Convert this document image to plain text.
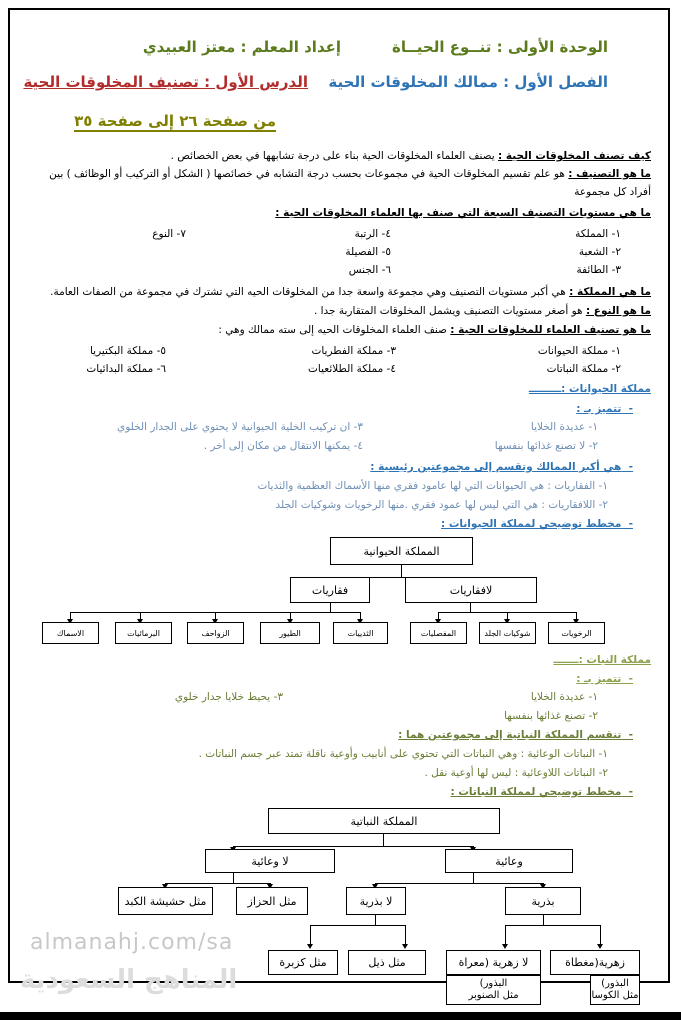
الوحدة الأولى : تنــوع الحيــاة
إعداد المعلم : معتز العبيدي
الفصل الأول : ممالك المخلوقات الحية
الدرس الأول : تصنيف المخلوقات الحية
من صفحة ٢٦ إلى صفحة ٣٥
كيف تصنف المخلوقات الحية : يصنف العلماء المخلوقات الحية بناء على درجة تشابهها في بعض الخصائص .
ما هو التصنيف : هو علم تقسيم المخلوقات الحية في مجموعات بحسب درجة التشابه في خصائصها ( الشكل أو التركيب أو الوظائف ) بين
أفراد كل مجموعة
ما هي مستويات التصنيف السبعة التي صنف بها العلماء المخلوقات الحية :
١- المملكة
٢- الشعبة
٣- الطائفة
٤- الرتبة
٥- الفصيلة
٦- الجنس
٧- النوع
ما هي المملكة : هي أكبر مستويات التصنيف وهي مجموعة واسعة جدا من المخلوقات الحيه التي تشترك في مجموعة من الصفات العامة.
ما هو النوع : هو أصغر مستويات التصنيف ويشمل المخلوقات المتقاربة جدا .
ما هو تصنيف العلماء للمخلوقات الحية : صنف العلماء المخلوقات الحيه إلى سته ممالك وهي :
١- مملكة الحيوانات
٢- مملكة النباتات
٣- مملكة الفطريات
٤- مملكة الطلائعيات
٥- مملكة البكتيريا
٦- مملكة البدائيات
مملكة الحيوانات :ـــــــــ
-  تتميز بـ :
١- عديدة الخلايا
٢- لا تصنع غذائها بنفسها
٣- ان تركيب الخلية الحيوانية لا يحتوي على الجدار الخلوي
٤- يمكنها الانتقال من مكان إلى أخر .
-  هي أكبر الممالك وتقسم إلى مجموعتين رئيسية :
١- الفقاريات : هي الحيوانات التي لها عامود فقري منها الأسماك العظمية والثديات
٢- اللافقاريات : هي التي ليس لها عمود فقري .منها الرخويات وشوكيات الجلد
-  مخطط توضيحي لمملكة الحيوانات :
المملكة الحيوانية
فقاريات	لافقاريات
الثدييات
الطيور
الزواحف
البرمائيات
الاسماك	الرخويات
شوكيات الجلد
المفصليات
مملكة النبات :ـــــــ
-  تتميز بـ :
١- عديدة الخلايا
٢- تصنع غذائها بنفسها
٣- يحيط خلايا جدار خلوي
-  تنقسم المملكة النباتية إلى مجموعتين هما :
١- النباتات الوعائية : وهي النباتات التي تحتوي على أنابيب وأوعية ناقلة تمتد عبر جسم النباتات .
٢- النباتات اللاوعائية : ليس لها أوعية نقل .
-  مخطط توضيحي لمملكة النباتات :
المملكة النباتية
لا وعائية	وعائية
مثل حشيشة الكبد	مثل الحزاز	لا بذرية	بذرية
مثل كزبرة	مثل ذيل	لا زهرية (معراة	زهرية(مغطاة
البذور)
مثل الصنوبر
البذور)
مثل الكوسا
almanahj.com/sa
المناهج السعودية
